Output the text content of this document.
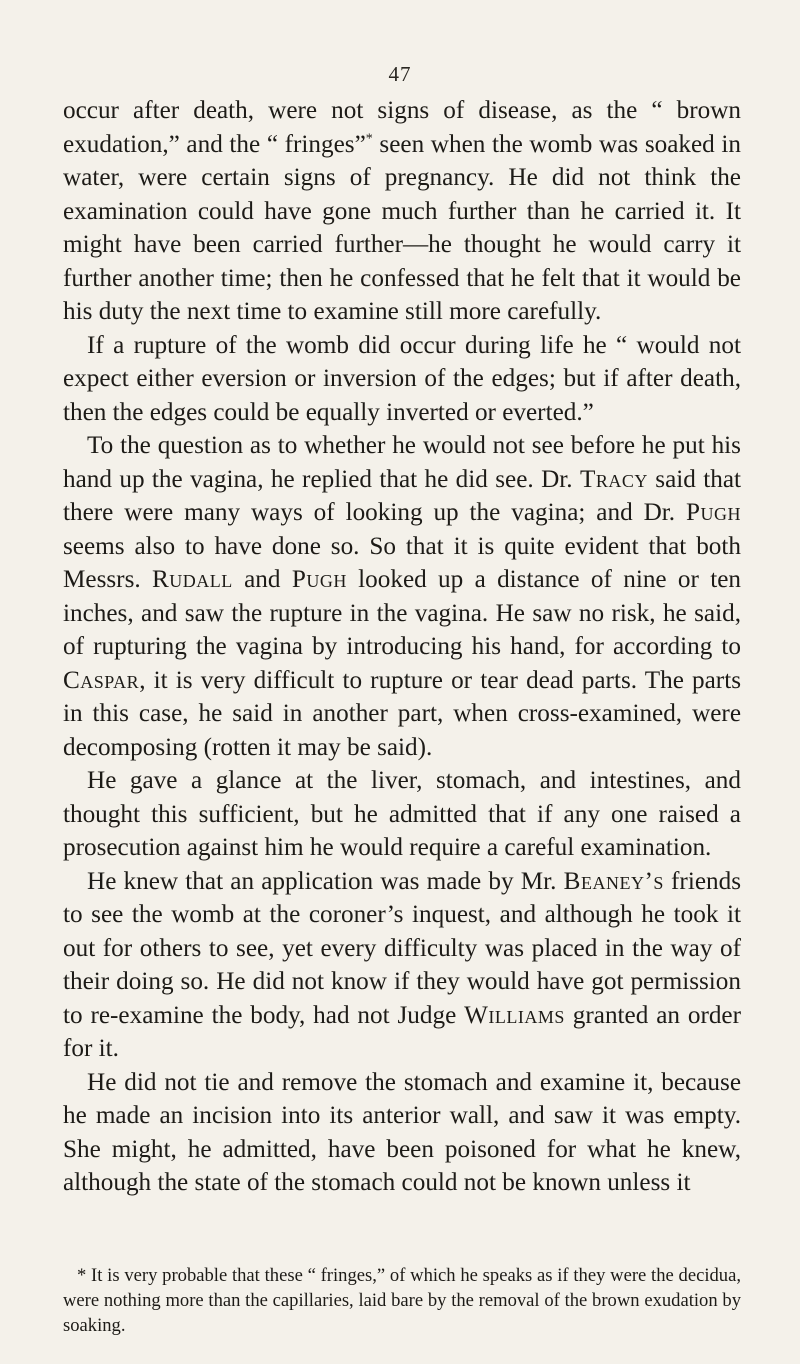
47

occur after death, were not signs of disease, as the “ brown exudation,” and the “ fringes”* seen when the womb was soaked in water, were certain signs of pregnancy. He did not think the examination could have gone much further than he carried it. It might have been carried further—he thought he would carry it further another time; then he confessed that he felt that it would be his duty the next time to examine still more carefully.

If a rupture of the womb did occur during life he “ would not expect either eversion or inversion of the edges; but if after death, then the edges could be equally inverted or everted.”

To the question as to whether he would not see before he put his hand up the vagina, he replied that he did see. Dr. Tracy said that there were many ways of looking up the vagina; and Dr. Pugh seems also to have done so. So that it is quite evident that both Messrs. Rudall and Pugh looked up a distance of nine or ten inches, and saw the rupture in the vagina. He saw no risk, he said, of rupturing the vagina by introducing his hand, for according to Caspar, it is very difficult to rupture or tear dead parts. The parts in this case, he said in another part, when cross-examined, were decomposing (rotten it may be said).

He gave a glance at the liver, stomach, and intestines, and thought this sufficient, but he admitted that if any one raised a prosecution against him he would require a careful examination.

He knew that an application was made by Mr. Beaney’s friends to see the womb at the coroner’s inquest, and although he took it out for others to see, yet every difficulty was placed in the way of their doing so. He did not know if they would have got permission to re-examine the body, had not Judge Williams granted an order for it.

He did not tie and remove the stomach and examine it, because he made an incision into its anterior wall, and saw it was empty. She might, he admitted, have been poisoned for what he knew, although the state of the stomach could not be known unless it

* It is very probable that these “ fringes,” of which he speaks as if they were the decidua, were nothing more than the capillaries, laid bare by the removal of the brown exudation by soaking.
